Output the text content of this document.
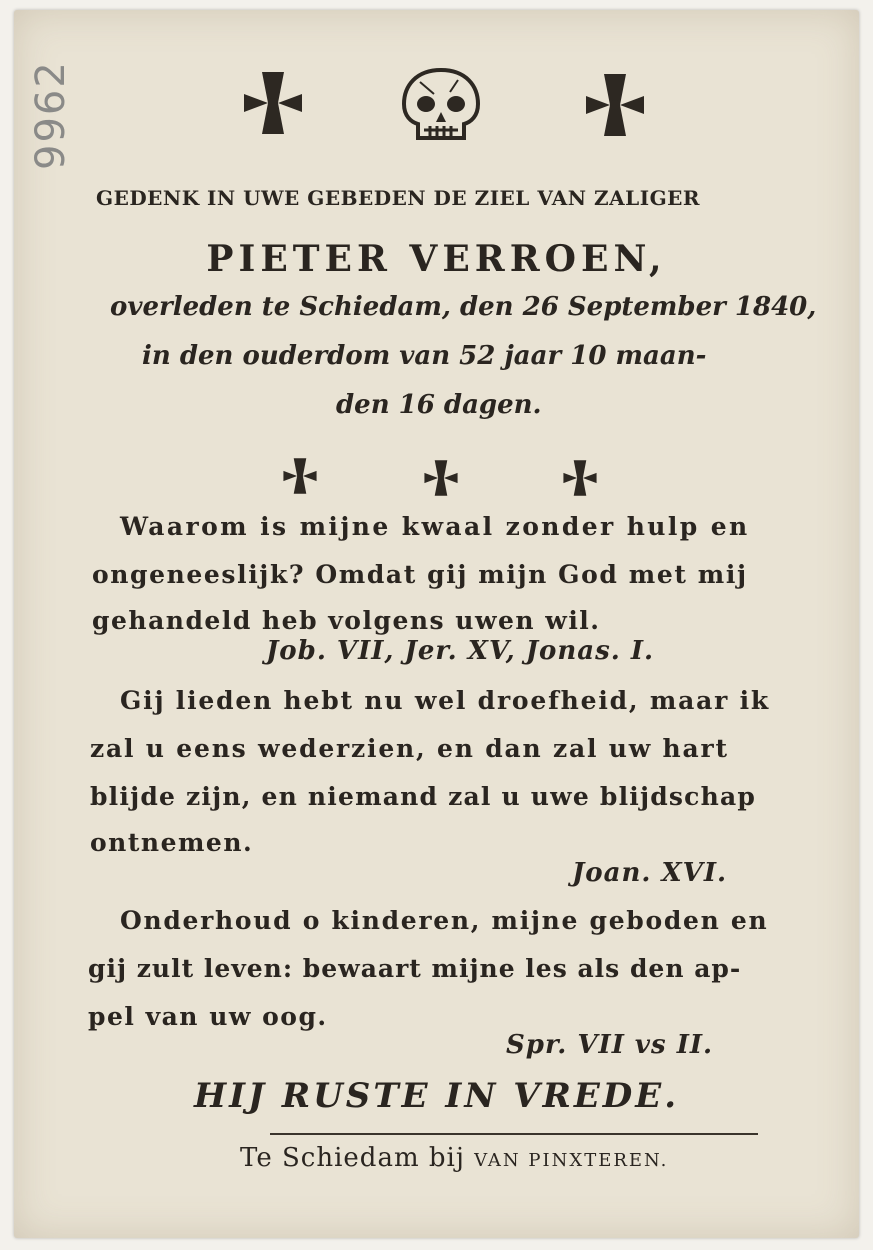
9962
GEDENK IN UWE GEBEDEN DE ZIEL VAN ZALIGER
PIETER VERROEN,
overleden te Schiedam, den 26 September 1840,
in den ouderdom van 52 jaar 10 maan-
den 16 dagen.
Waarom is mijne kwaal zonder hulp en
ongeneeslijk? Omdat gij mijn God met mij
gehandeld heb volgens uwen wil.
Job. VII, Jer. XV, Jonas. I.
Gij lieden hebt nu wel droefheid, maar ik
zal u eens wederzien, en dan zal uw hart
blijde zijn, en niemand zal u uwe blijdschap
ontnemen.
Joan. XVI.
Onderhoud o kinderen, mijne geboden en
gij zult leven: bewaart mijne les als den ap-
pel van uw oog.
Spr. VII vs II.
HIJ RUSTE IN VREDE.
Te Schiedam bij VAN PINXTEREN.
